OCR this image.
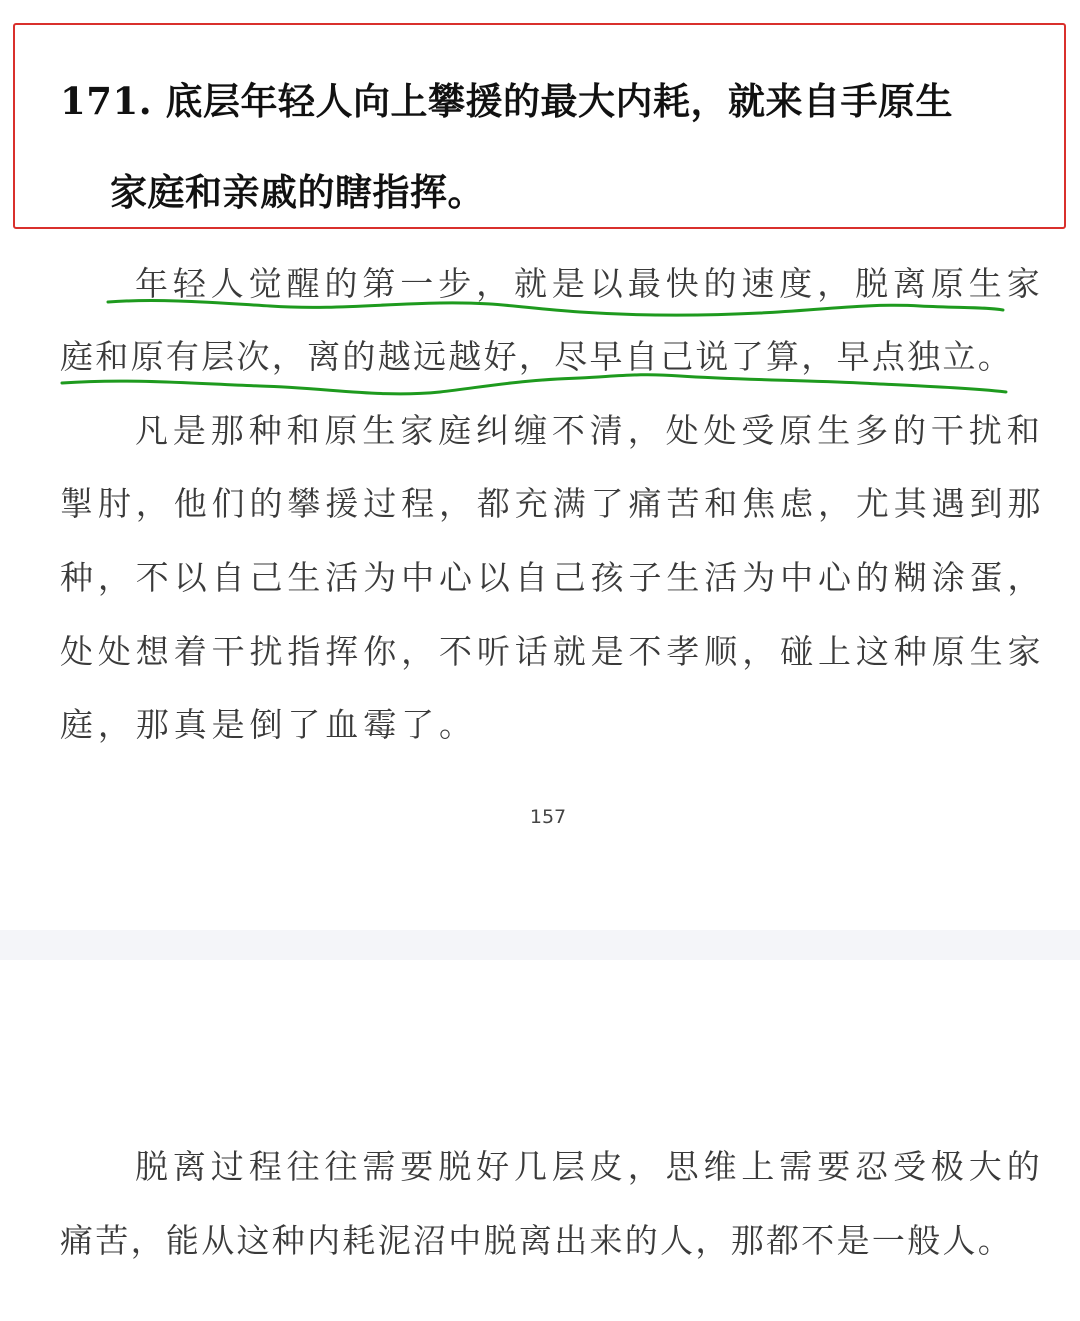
171. 底层年轻人向上攀援的最大内耗，就来自手原生
家庭和亲戚的瞎指挥。
年轻人觉醒的第一步，就是以最快的速度，脱离原生家
庭和原有层次，离的越远越好，尽早自己说了算，早点独立。
凡是那种和原生家庭纠缠不清，处处受原生多的干扰和
掣肘，他们的攀援过程，都充满了痛苦和焦虑，尤其遇到那
种，不以自己生活为中心以自己孩子生活为中心的糊涂蛋，
处处想着干扰指挥你，不听话就是不孝顺，碰上这种原生家
庭，那真是倒了血霉了。
157
脱离过程往往需要脱好几层皮，思维上需要忍受极大的
痛苦，能从这种内耗泥沼中脱离出来的人，那都不是一般人。
